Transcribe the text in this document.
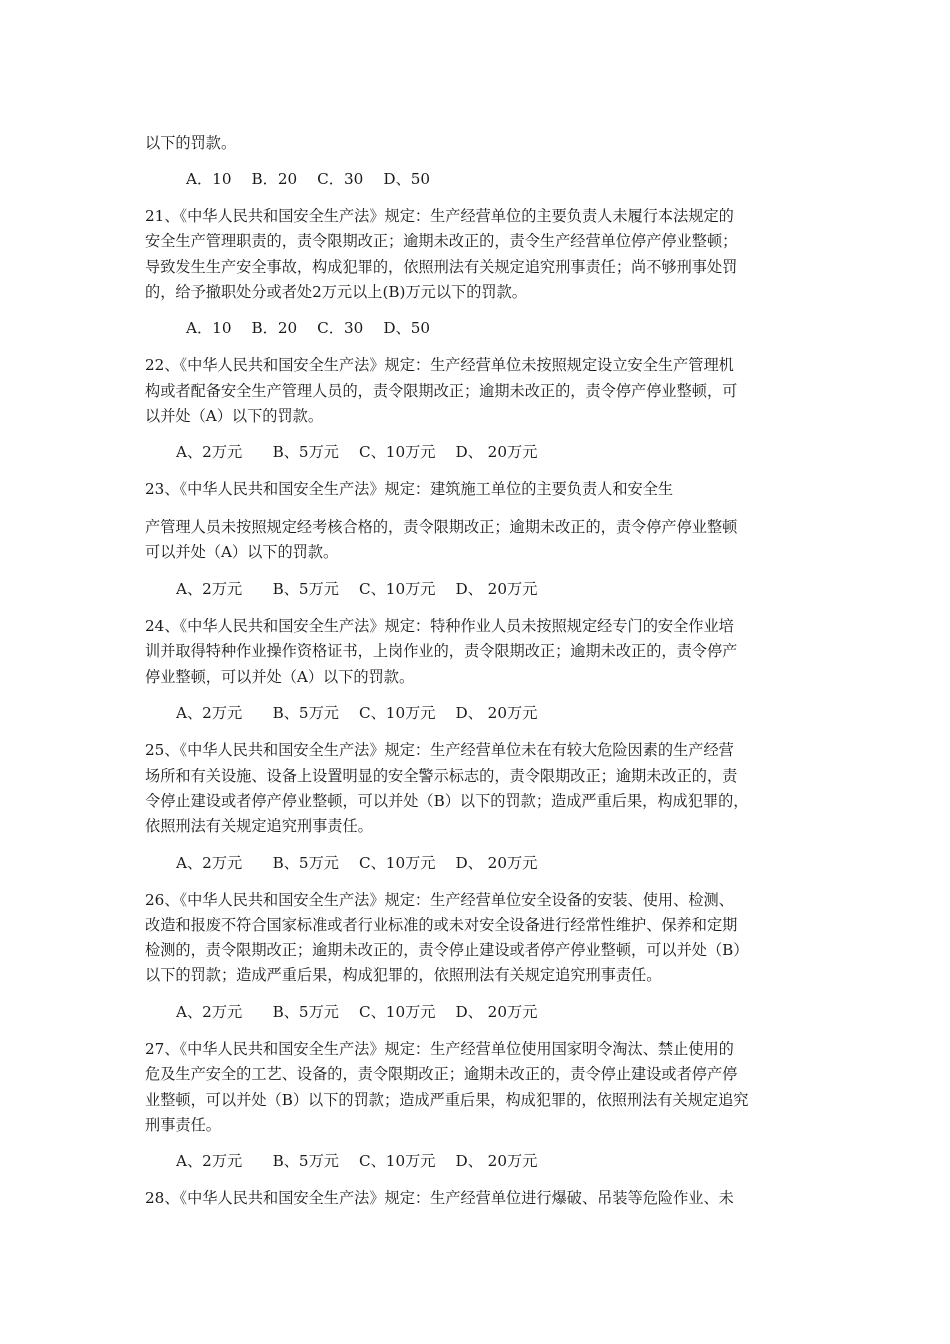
以下的罚款。
A．10　 B．20　 C．30　 D、50
21、《中华人民共和国安全生产法》规定：生产经营单位的主要负责人未履行本法规定的
安全生产管理职责的，责令限期改正；逾期未改正的，责令生产经营单位停产停业整顿；
导致发生生产安全事故，构成犯罪的，依照刑法有关规定追究刑事责任；尚不够刑事处罚
的，给予撤职处分或者处2万元以上(B)万元以下的罚款。
A．10　 B．20　 C．30　 D、50
22、《中华人民共和国安全生产法》规定：生产经营单位未按照规定设立安全生产管理机
构或者配备安全生产管理人员的，责令限期改正；逾期未改正的，责令停产停业整顿，可
以并处（A）以下的罚款。
A、2万元　　B、5万元　 C、10万元　 D、 20万元
23、《中华人民共和国安全生产法》规定：建筑施工单位的主要负责人和安全生
产管理人员未按照规定经考核合格的，责令限期改正；逾期未改正的，责令停产停业整顿
可以并处（A）以下的罚款。
A、2万元　　B、5万元　 C、10万元　 D、 20万元
24、《中华人民共和国安全生产法》规定：特种作业人员未按照规定经专门的安全作业培
训并取得特种作业操作资格证书，上岗作业的，责令限期改正；逾期未改正的，责令停产
停业整顿，可以并处（A）以下的罚款。
A、2万元　　B、5万元　 C、10万元　 D、 20万元
25、《中华人民共和国安全生产法》规定：生产经营单位未在有较大危险因素的生产经营
场所和有关设施、设备上设置明显的安全警示标志的，责令限期改正；逾期未改正的，责
令停止建设或者停产停业整顿，可以并处（B）以下的罚款；造成严重后果，构成犯罪的，
依照刑法有关规定追究刑事责任。
A、2万元　　B、5万元　 C、10万元　 D、 20万元
26、《中华人民共和国安全生产法》规定：生产经营单位安全设备的安装、使用、检测、
改造和报废不符合国家标准或者行业标准的或未对安全设备进行经常性维护、保养和定期
检测的，责令限期改正；逾期未改正的，责令停止建设或者停产停业整顿，可以并处（B）
以下的罚款；造成严重后果，构成犯罪的，依照刑法有关规定追究刑事责任。
A、2万元　　B、5万元　 C、10万元　 D、 20万元
27、《中华人民共和国安全生产法》规定：生产经营单位使用国家明令淘汰、禁止使用的
危及生产安全的工艺、设备的，责令限期改正；逾期未改正的，责令停止建设或者停产停
业整顿，可以并处（B）以下的罚款；造成严重后果，构成犯罪的，依照刑法有关规定追究
刑事责任。
A、2万元　　B、5万元　 C、10万元　 D、 20万元
28、《中华人民共和国安全生产法》规定：生产经营单位进行爆破、吊装等危险作业、未
